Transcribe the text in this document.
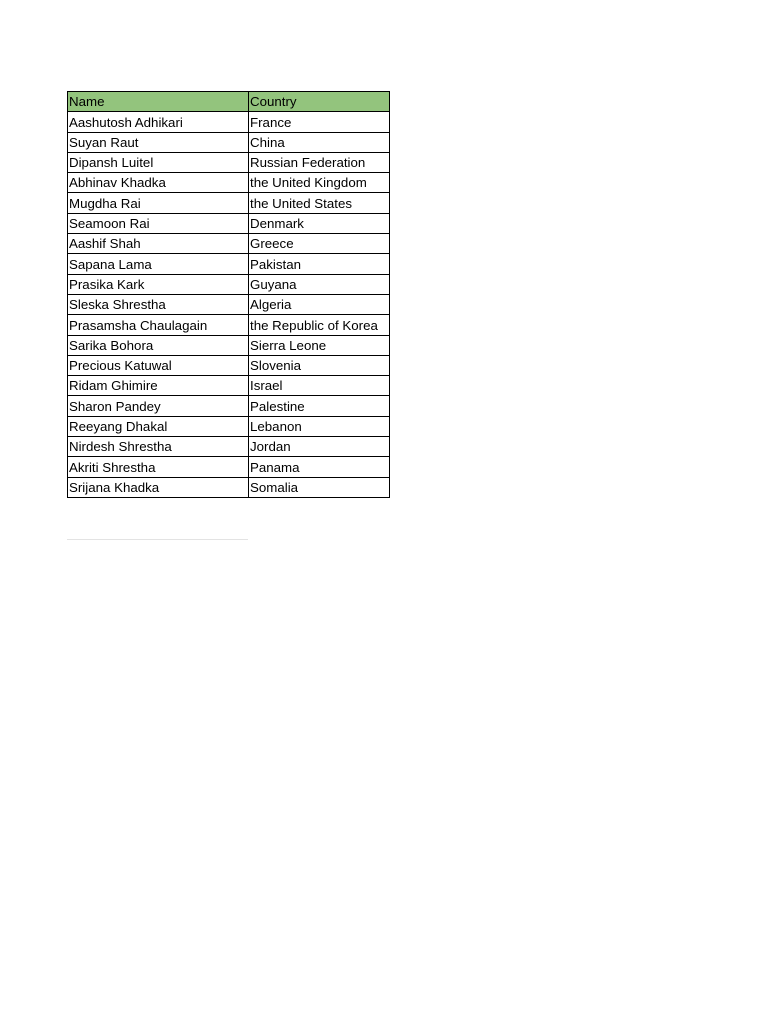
Name	Country
Aashutosh Adhikari	France
Suyan Raut	China
Dipansh Luitel	Russian Federation
Abhinav Khadka	the United Kingdom
Mugdha Rai	the United States
Seamoon Rai	Denmark
Aashif Shah	Greece
Sapana Lama	Pakistan
Prasika Kark	Guyana
Sleska Shrestha	Algeria
Prasamsha Chaulagain	the Republic of Korea
Sarika Bohora	Sierra Leone
Precious Katuwal	Slovenia
Ridam Ghimire	Israel
Sharon Pandey	Palestine
Reeyang Dhakal	Lebanon
Nirdesh Shrestha	Jordan
Akriti Shrestha	Panama
Srijana Khadka	Somalia
